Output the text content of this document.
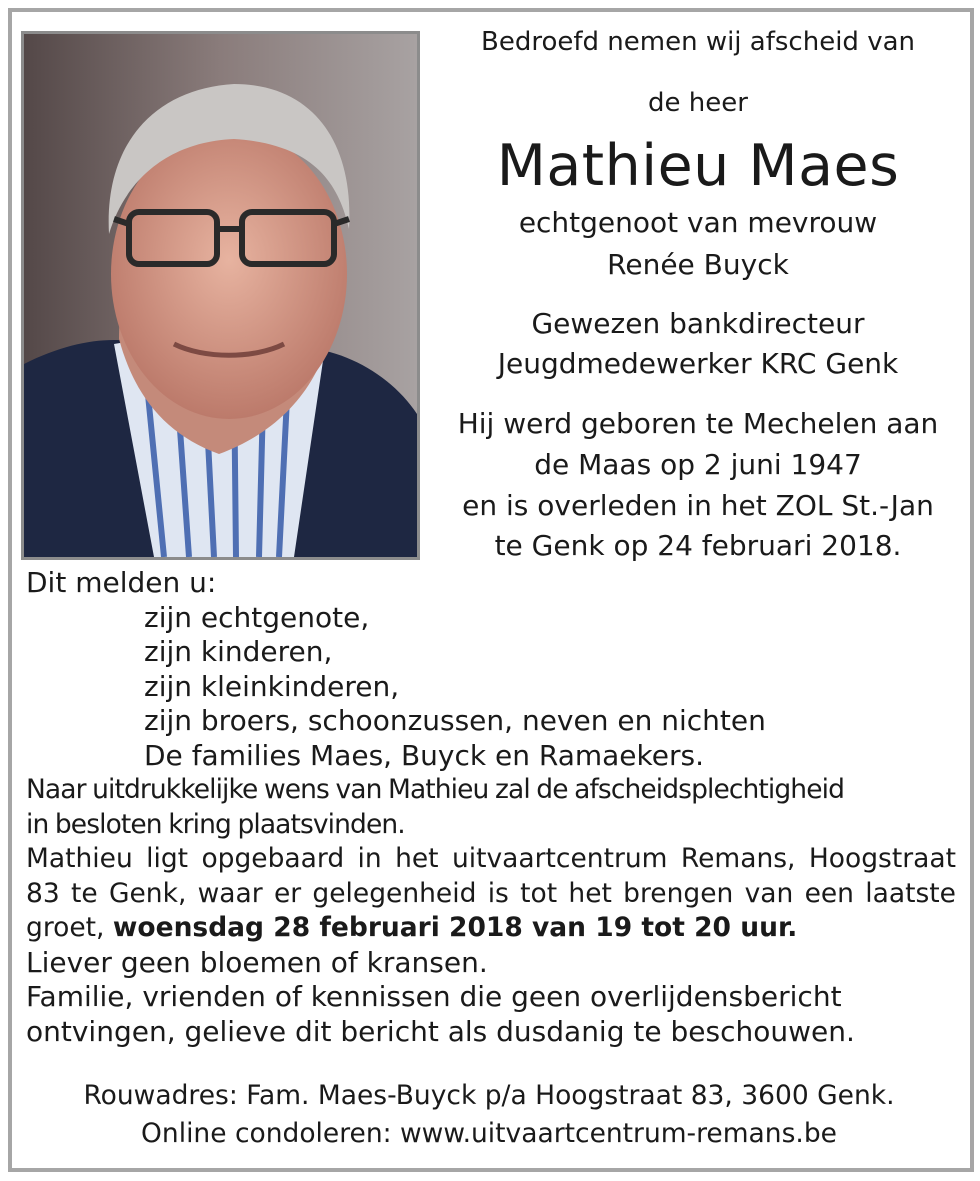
Bedroefd nemen wij afscheid van
de heer
Mathieu Maes
echtgenoot van mevrouw
Renée Buyck
Gewezen bankdirecteur
Jeugdmedewerker KRC Genk
Hij werd geboren te Mechelen aan
de Maas op 2 juni 1947
en is overleden in het ZOL St.-Jan
te Genk op 24 februari 2018.
Dit melden u:
zijn echtgenote,
zijn kinderen,
zijn kleinkinderen,
zijn broers, schoonzussen, neven en nichten
De families Maes, Buyck en Ramaekers.
Naar uitdrukkelijke wens van Mathieu zal de afscheidsplechtigheid
in besloten kring plaatsvinden.
Mathieu ligt opgebaard in het uitvaartcentrum Remans, Hoogstraat 83 te Genk, waar er gelegenheid is tot het brengen van een laatste groet, woensdag 28 februari 2018 van 19 tot 20 uur.
Liever geen bloemen of kransen.
Familie, vrienden of kennissen die geen overlijdensbericht
ontvingen, gelieve dit bericht als dusdanig te beschouwen.
Rouwadres: Fam. Maes-Buyck p/a Hoogstraat 83, 3600 Genk.
Online condoleren: www.uitvaartcentrum-remans.be
